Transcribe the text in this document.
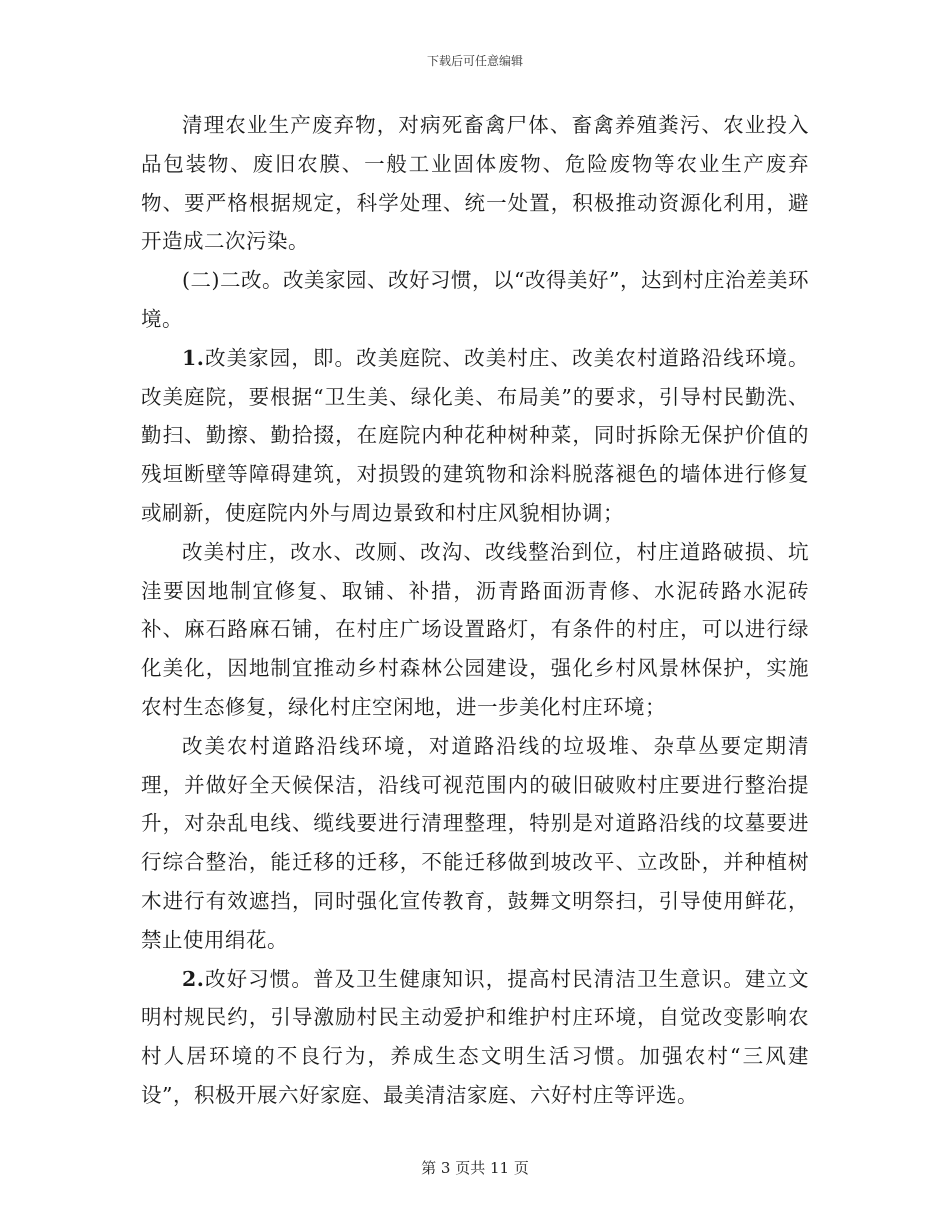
下载后可任意编辑

清理农业生产废弃物，对病死畜禽尸体、畜禽养殖粪污、农业投入品包装物、废旧农膜、一般工业固体废物、危险废物等农业生产废弃物、要严格根据规定，科学处理、统一处置，积极推动资源化利用，避开造成二次污染。

(二)二改。改美家园、改好习惯，以“改得美好”，达到村庄治差美环境。

1.改美家园，即。改美庭院、改美村庄、改美农村道路沿线环境。改美庭院，要根据“卫生美、绿化美、布局美”的要求，引导村民勤洗、勤扫、勤擦、勤拾掇，在庭院内种花种树种菜，同时拆除无保护价值的残垣断壁等障碍建筑，对损毁的建筑物和涂料脱落褪色的墙体进行修复或刷新，使庭院内外与周边景致和村庄风貌相协调；

改美村庄，改水、改厕、改沟、改线整治到位，村庄道路破损、坑洼要因地制宜修复、取铺、补措，沥青路面沥青修、水泥砖路水泥砖补、麻石路麻石铺，在村庄广场设置路灯，有条件的村庄，可以进行绿化美化，因地制宜推动乡村森林公园建设，强化乡村风景林保护，实施农村生态修复，绿化村庄空闲地，进一步美化村庄环境；

改美农村道路沿线环境，对道路沿线的垃圾堆、杂草丛要定期清理，并做好全天候保洁，沿线可视范围内的破旧破败村庄要进行整治提升，对杂乱电线、缆线要进行清理整理，特别是对道路沿线的坟墓要进行综合整治，能迁移的迁移，不能迁移做到坡改平、立改卧，并种植树木进行有效遮挡，同时强化宣传教育，鼓舞文明祭扫，引导使用鲜花，禁止使用绢花。

2.改好习惯。普及卫生健康知识，提高村民清洁卫生意识。建立文明村规民约，引导激励村民主动爱护和维护村庄环境，自觉改变影响农村人居环境的不良行为，养成生态文明生活习惯。加强农村“三风建设”，积极开展六好家庭、最美清洁家庭、六好村庄等评选。

第 3 页共 11 页
